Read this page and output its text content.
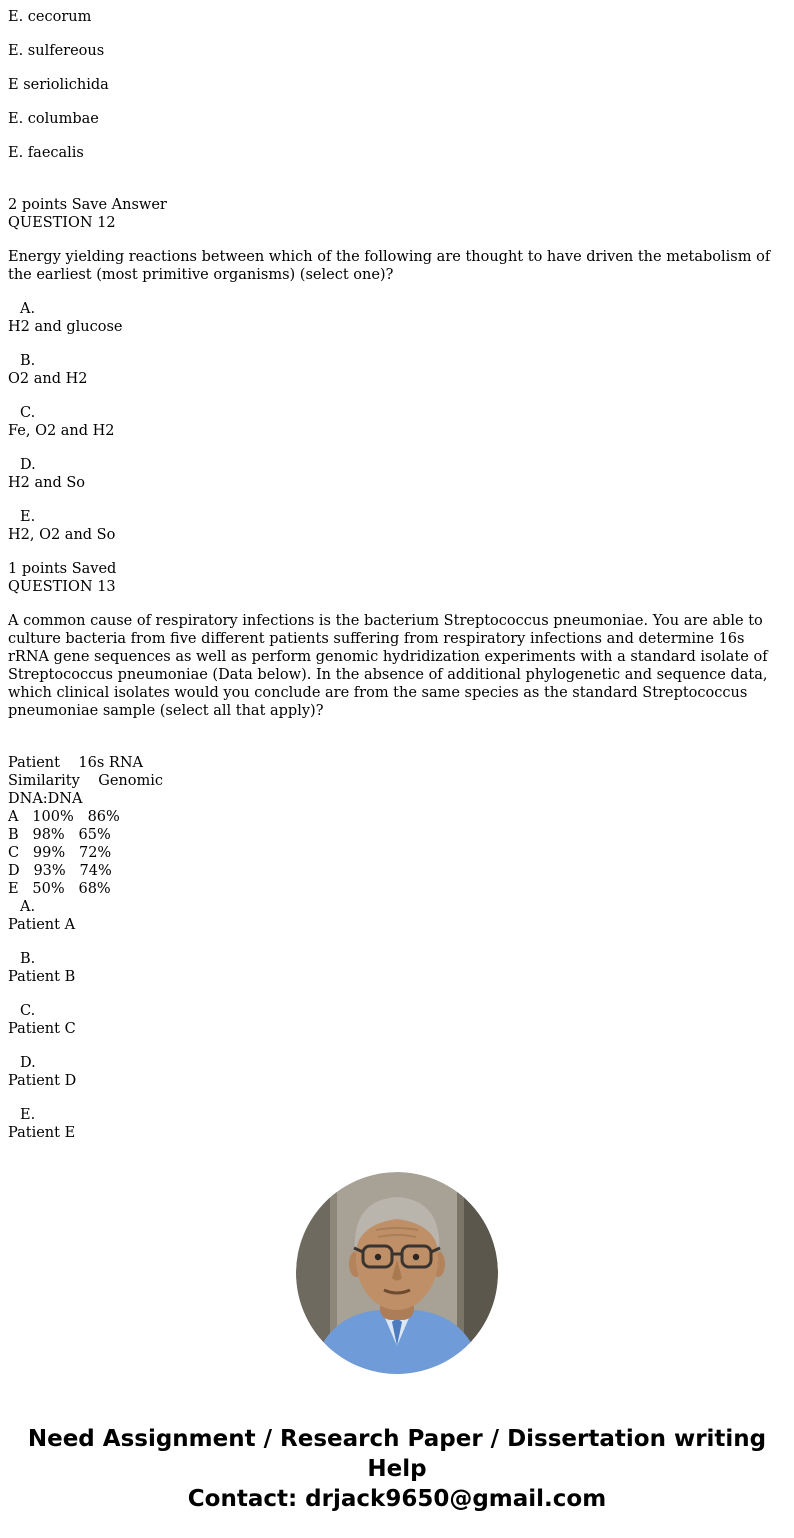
E. cecorum
E. sulfereous
E seriolichida
E. columbae
E. faecalis
2 points Save Answer
QUESTION 12
Energy yielding reactions between which of the following are thought to have driven the metabolism of the earliest (most primitive organisms) (select one)?
A.
H2 and glucose
B.
O2 and H2
C.
Fe, O2 and H2
D.
H2 and So
E.
H2, O2 and So
1 points Saved
QUESTION 13
A common cause of respiratory infections is the bacterium Streptococcus pneumoniae. You are able to culture bacteria from five different patients suffering from respiratory infections and determine 16s rRNA gene sequences as well as perform genomic hydridization experiments with a standard isolate of Streptococcus pneumoniae (Data below). In the absence of additional phylogenetic and sequence data, which clinical isolates would you conclude are from the same species as the standard Streptococcus pneumoniae sample (select all that apply)?
Patient    16s RNA
Similarity    Genomic
DNA:DNA
A   100%   86%
B   98%   65%
C   99%   72%
D   93%   74%
E   50%   68%
A.
Patient A
B.
Patient B
C.
Patient C
D.
Patient D
E.
Patient E
Need Assignment / Research Paper / Dissertation writing Help
Contact: drjack9650@gmail.com
